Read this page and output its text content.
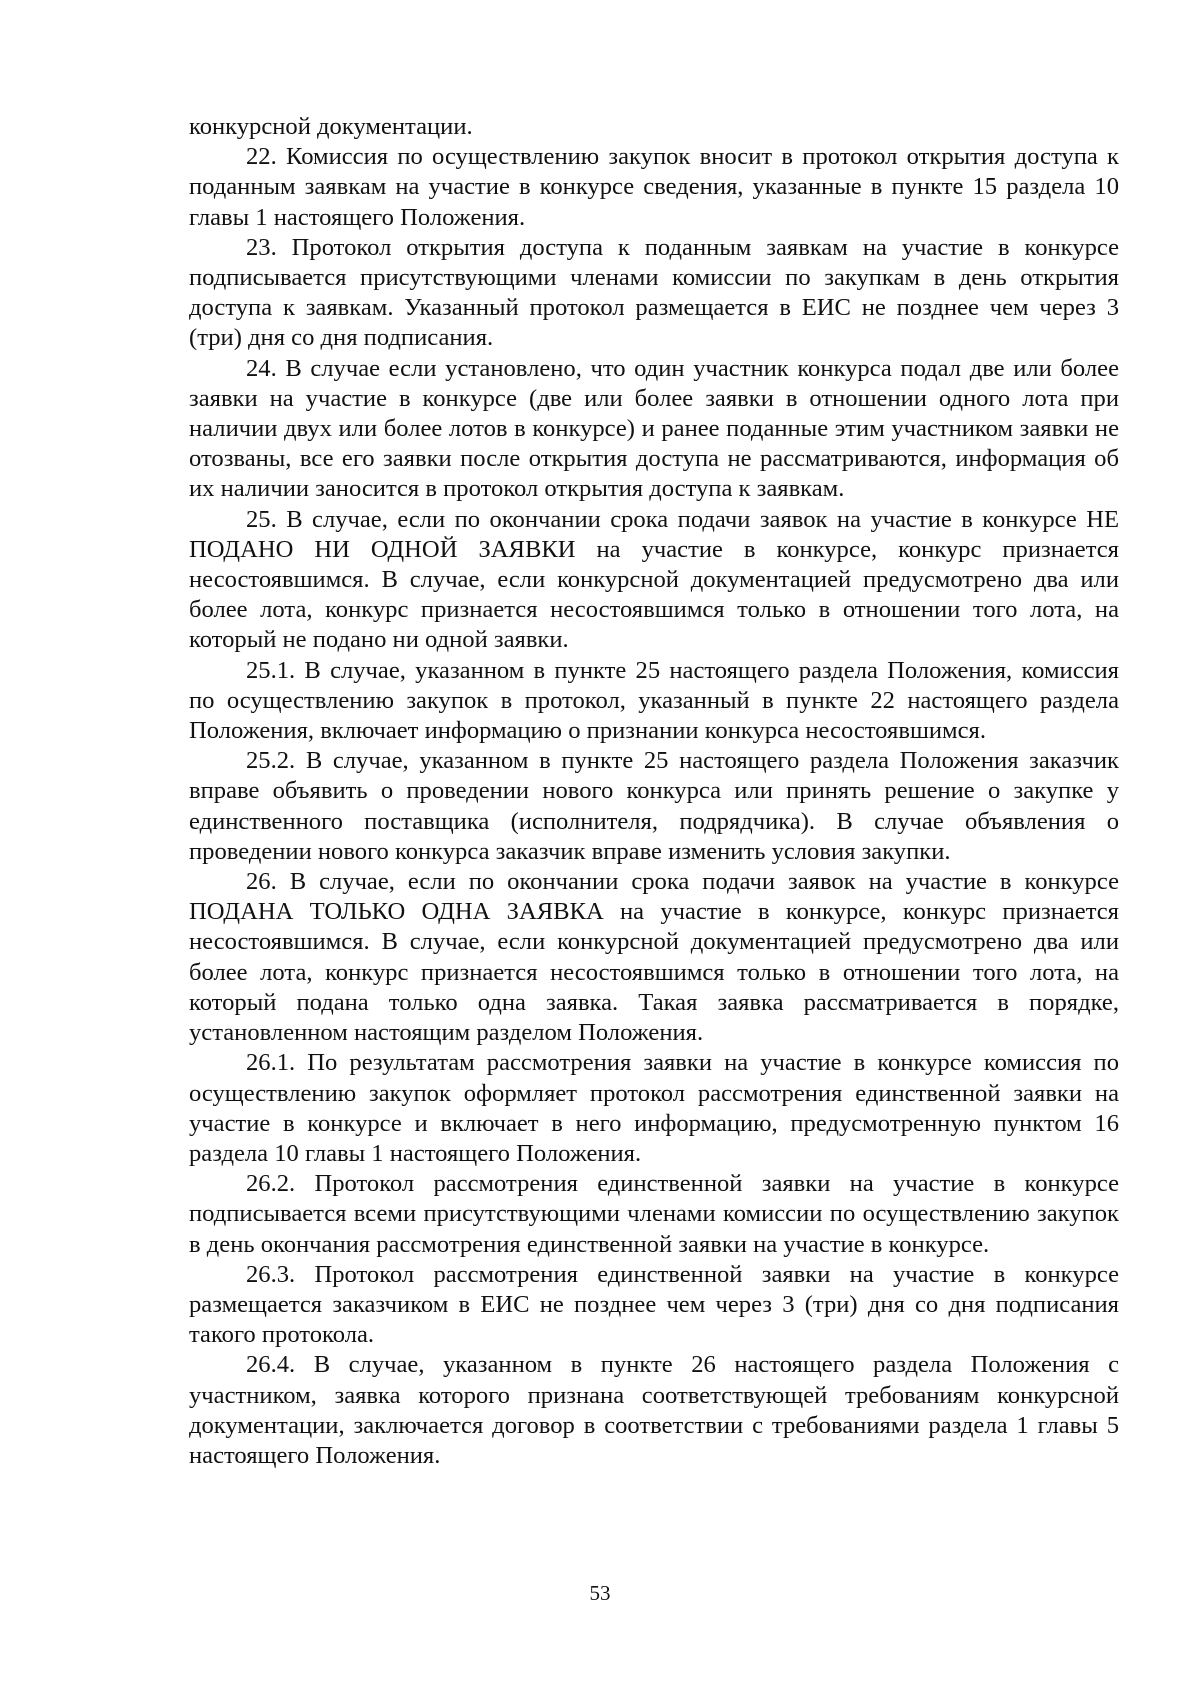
конкурсной документации.

22. Комиссия по осуществлению закупок вносит в протокол открытия доступа к поданным заявкам на участие в конкурсе сведения, указанные в пункте 15 раздела 10 главы 1 настоящего Положения.

23. Протокол открытия доступа к поданным заявкам на участие в конкурсе подписывается присутствующими членами комиссии по закупкам в день открытия доступа к заявкам. Указанный протокол размещается в ЕИС не позднее чем через 3 (три) дня со дня подписания.

24. В случае если установлено, что один участник конкурса подал две или более заявки на участие в конкурсе (две или более заявки в отношении одного лота при наличии двух или более лотов в конкурсе) и ранее поданные этим участником заявки не отозваны, все его заявки после открытия доступа не рассматриваются, информация об их наличии заносится в протокол открытия доступа к заявкам.

25. В случае, если по окончании срока подачи заявок на участие в конкурсе НЕ ПОДАНО НИ ОДНОЙ ЗАЯВКИ на участие в конкурсе, конкурс признается несостоявшимся. В случае, если конкурсной документацией предусмотрено два или более лота, конкурс признается несостоявшимся только в отношении того лота, на который не подано ни одной заявки.

25.1. В случае, указанном в пункте 25 настоящего раздела Положения, комиссия по осуществлению закупок в протокол, указанный в пункте 22 настоящего раздела Положения, включает информацию о признании конкурса несостоявшимся.

25.2. В случае, указанном в пункте 25 настоящего раздела Положения заказчик вправе объявить о проведении нового конкурса или принять решение о закупке у единственного поставщика (исполнителя, подрядчика). В случае объявления о проведении нового конкурса заказчик вправе изменить условия закупки.

26. В случае, если по окончании срока подачи заявок на участие в конкурсе ПОДАНА ТОЛЬКО ОДНА ЗАЯВКА на участие в конкурсе, конкурс признается несостоявшимся. В случае, если конкурсной документацией предусмотрено два или более лота, конкурс признается несостоявшимся только в отношении того лота, на который подана только одна заявка. Такая заявка рассматривается в порядке, установленном настоящим разделом Положения.

26.1. По результатам рассмотрения заявки на участие в конкурсе комиссия по осуществлению закупок оформляет протокол рассмотрения единственной заявки на участие в конкурсе и включает в него информацию, предусмотренную пунктом 16 раздела 10 главы 1 настоящего Положения.

26.2. Протокол рассмотрения единственной заявки на участие в конкурсе подписывается всеми присутствующими членами комиссии по осуществлению закупок в день окончания рассмотрения единственной заявки на участие в конкурсе.

26.3. Протокол рассмотрения единственной заявки на участие в конкурсе размещается заказчиком в ЕИС не позднее чем через 3 (три) дня со дня подписания такого протокола.

26.4. В случае, указанном в пункте 26 настоящего раздела Положения с участником, заявка которого признана соответствующей требованиям конкурсной документации, заключается договор в соответствии с требованиями раздела 1 главы 5 настоящего Положения.

53
